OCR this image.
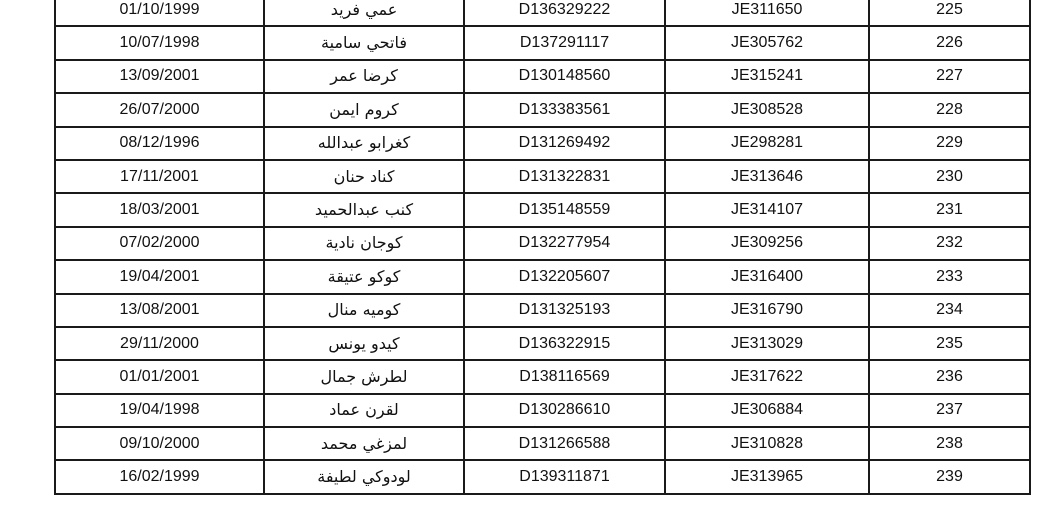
01/10/1999	عمي فريد	D136329222	JE311650	225
10/07/1998	فاتحي سامية	D137291117	JE305762	226
13/09/2001	كرضا عمر	D130148560	JE315241	227
26/07/2000	كروم ايمن	D133383561	JE308528	228
08/12/1996	كغرابو عبدالله	D131269492	JE298281	229
17/11/2001	كناد حنان	D131322831	JE313646	230
18/03/2001	كنب عبدالحميد	D135148559	JE314107	231
07/02/2000	كوجان نادية	D132277954	JE309256	232
19/04/2001	كوكو عتيقة	D132205607	JE316400	233
13/08/2001	كوميه منال	D131325193	JE316790	234
29/11/2000	كيدو يونس	D136322915	JE313029	235
01/01/2001	لطرش جمال	D138116569	JE317622	236
19/04/1998	لقرن عماد	D130286610	JE306884	237
09/10/2000	لمزغي محمد	D131266588	JE310828	238
16/02/1999	لودوكي لطيفة	D139311871	JE313965	239
